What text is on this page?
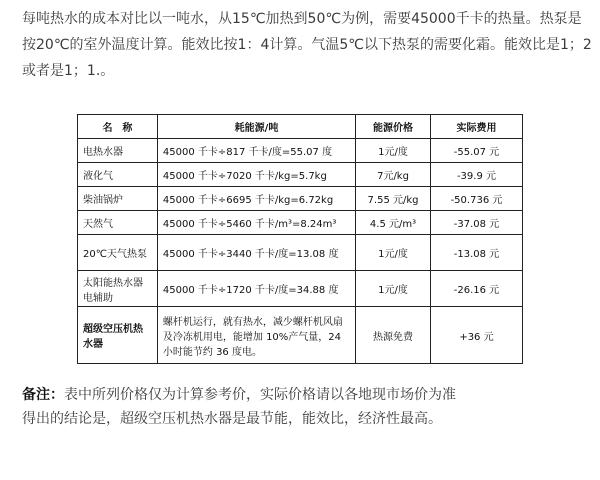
每吨热水的成本对比以一吨水，从15℃加热到50℃为例，需要45000千卡的热量。热泵是按20℃的室外温度计算。能效比按1：4计算。气温5℃以下热泵的需要化霜。能效比是1；2或者是1；1.。

名　称	耗能源/吨	能源价格	实际费用
电热水器	45000 千卡÷817 千卡/度=55.07 度	1元/度	-55.07 元
液化气	45000 千卡÷7020 千卡/kg=5.7kg	7元/kg	-39.9 元
柴油锅炉	45000 千卡÷6695 千卡/kg=6.72kg	7.55 元/kg	-50.736 元
天然气	45000 千卡÷5460 千卡/m³=8.24m³	4.5 元/m³	-37.08 元
20℃天气热泵	45000 千卡÷3440 千卡/度=13.08 度	1元/度	-13.08 元
太阳能热水器电辅助	45000 千卡÷1720 千卡/度=34.88 度	1元/度	-26.16 元
超级空压机热水器	螺杆机运行，就有热水，减少螺杆机风扇及冷冻机用电，能增加 10%产气量，24 小时能节约 36 度电。	热源免费	+36 元

备注：表中所列价格仅为计算参考价，实际价格请以各地现市场价为准
得出的结论是，超级空压机热水器是最节能，能效比，经济性最高。
